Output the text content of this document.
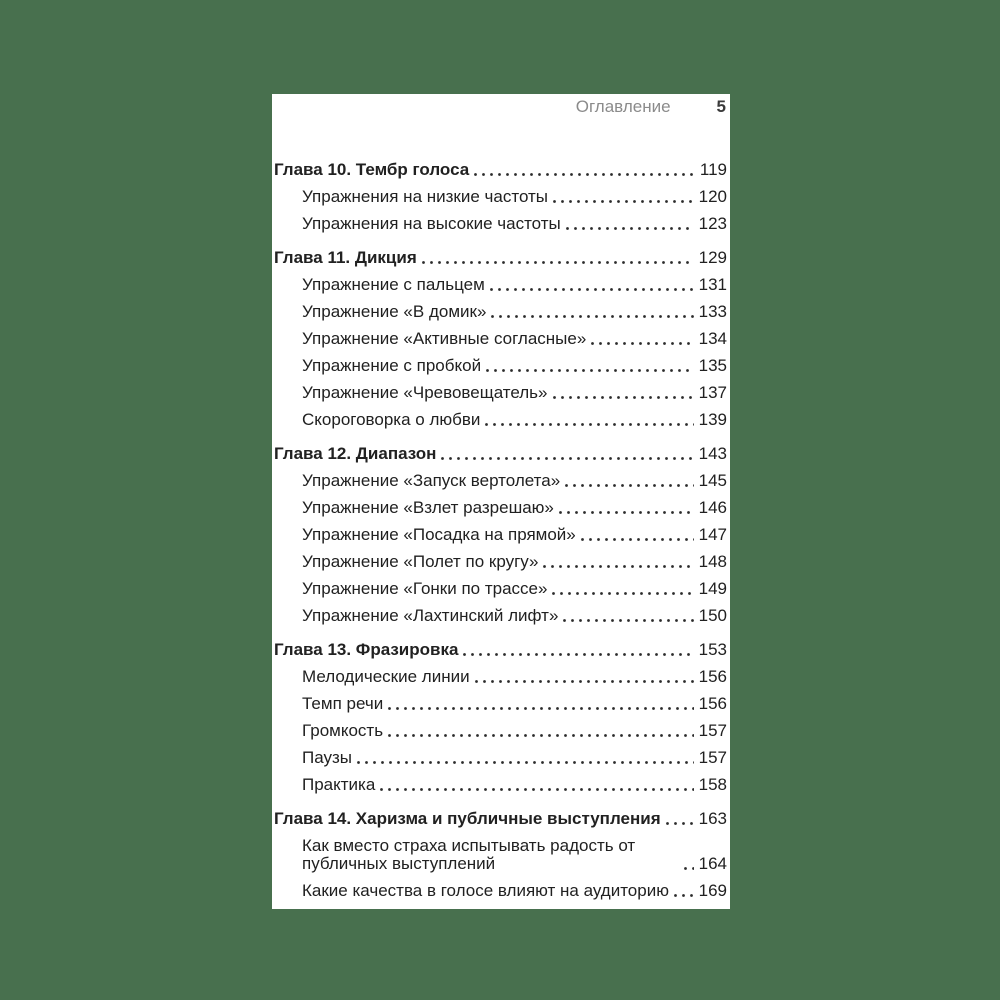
Оглавление	5
Глава 10. Тембр голоса	119
Упражнения на низкие частоты	120
Упражнения на высокие частоты	123
Глава 11. Дикция	129
Упражнение с пальцем	131
Упражнение «В домик»	133
Упражнение «Активные согласные»	134
Упражнение с пробкой	135
Упражнение «Чревовещатель»	137
Скороговорка о любви	139
Глава 12. Диапазон	143
Упражнение «Запуск вертолета»	145
Упражнение «Взлет разрешаю»	146
Упражнение «Посадка на прямой»	147
Упражнение «Полет по кругу»	148
Упражнение «Гонки по трассе»	149
Упражнение «Лахтинский лифт»	150
Глава 13. Фразировка	153
Мелодические линии	156
Темп речи	156
Громкость	157
Паузы	157
Практика	158
Глава 14. Харизма и публичные выступления 163
Как вместо страха испытывать радость от публичных выступлений	164
Какие качества в голосе влияют на аудиторию 169
